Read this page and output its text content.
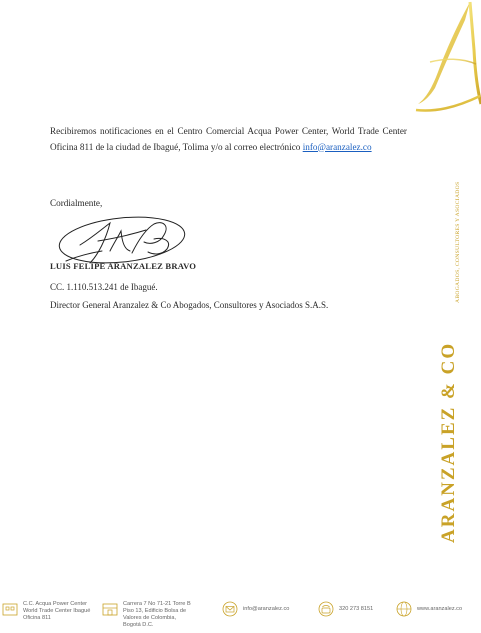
Recibiremos notificaciones en el Centro Comercial Acqua Power Center, World Trade Center Oficina 811 de la ciudad de Ibagué, Tolima y/o al correo electrónico info@aranzalez.co
Cordialmente,
LUIS FELIPE ARANZALEZ BRAVO
CC. 1.110.513.241 de Ibagué.
Director General Aranzalez & Co Abogados, Consultores y Asociados S.A.S.
ARANZALEZ & CO
ABOGADOS, CONSULTORES Y ASOCIADOS
C.C. Acqua Power Center
World Trade Center Ibagué
Oficina 811
Carrera 7 No 71-21 Torre B
Piso 13, Edificio Bolsa de
Valores de Colombia,
Bogotá D.C.
info@aranzalez.co	320 273 8151	www.aranzalez.co
